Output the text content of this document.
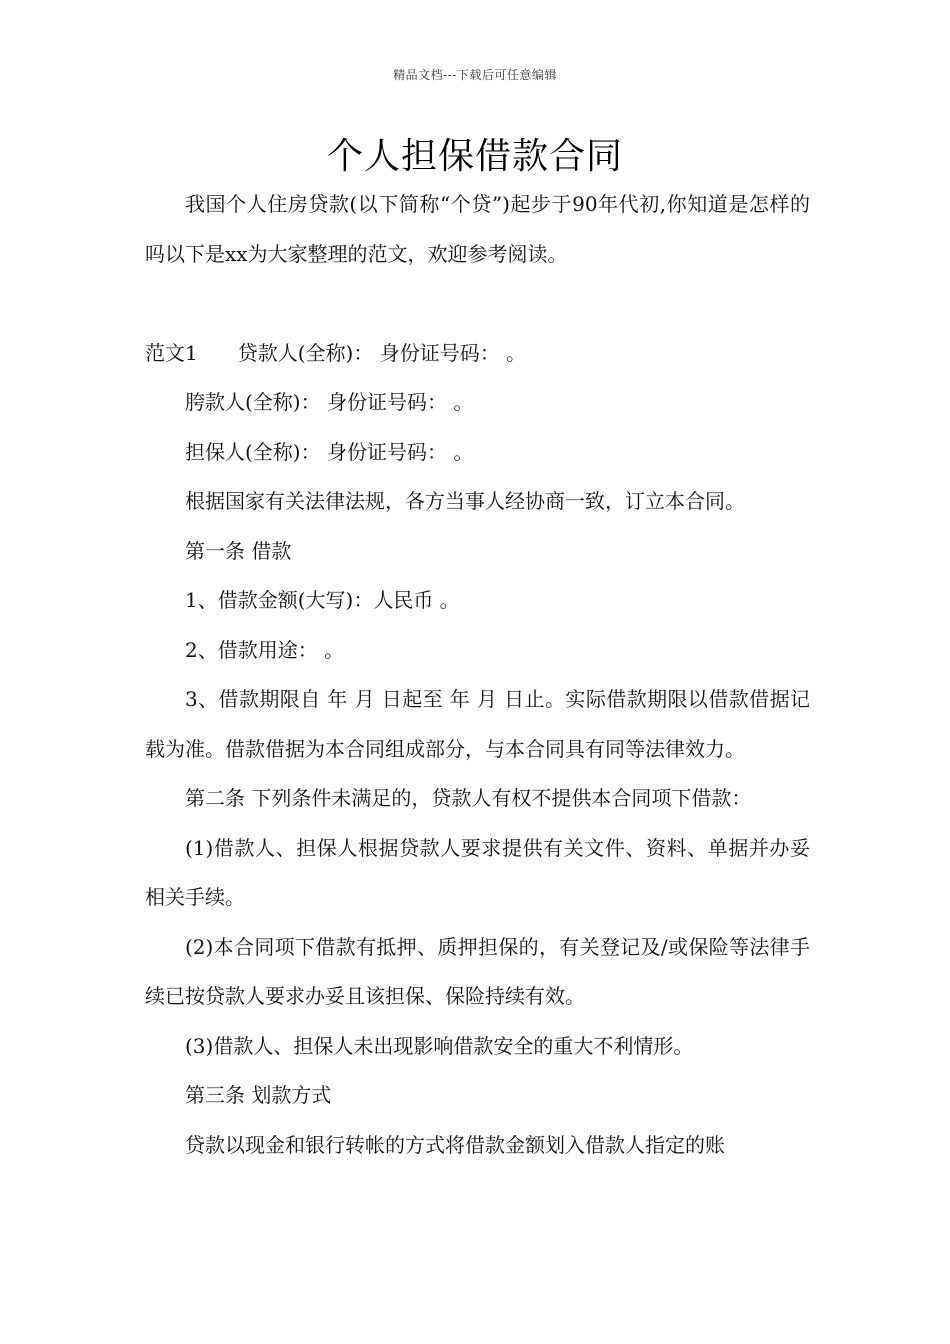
精品文档---下载后可任意编辑
个人担保借款合同

我国个人住房贷款(以下简称“个贷”)起步于90年代初,你知道是怎样的吗以下是xx为大家整理的范文，欢迎参考阅读。

范文1 贷款人(全称)： 身份证号码： 。

胯款人(全称)： 身份证号码： 。

担保人(全称)： 身份证号码： 。

根据国家有关法律法规，各方当事人经协商一致，订立本合同。

第一条 借款

1、借款金额(大写)：人民币 。

2、借款用途： 。

3、借款期限自 年 月 日起至 年 月 日止。实际借款期限以借款借据记载为准。借款借据为本合同组成部分，与本合同具有同等法律效力。

第二条 下列条件未满足的，贷款人有权不提供本合同项下借款：

(1)借款人、担保人根据贷款人要求提供有关文件、资料、单据并办妥相关手续。

(2)本合同项下借款有抵押、质押担保的，有关登记及/或保险等法律手续已按贷款人要求办妥且该担保、保险持续有效。

(3)借款人、担保人未出现影响借款安全的重大不利情形。

第三条 划款方式

贷款以现金和银行转帐的方式将借款金额划入借款人指定的账
